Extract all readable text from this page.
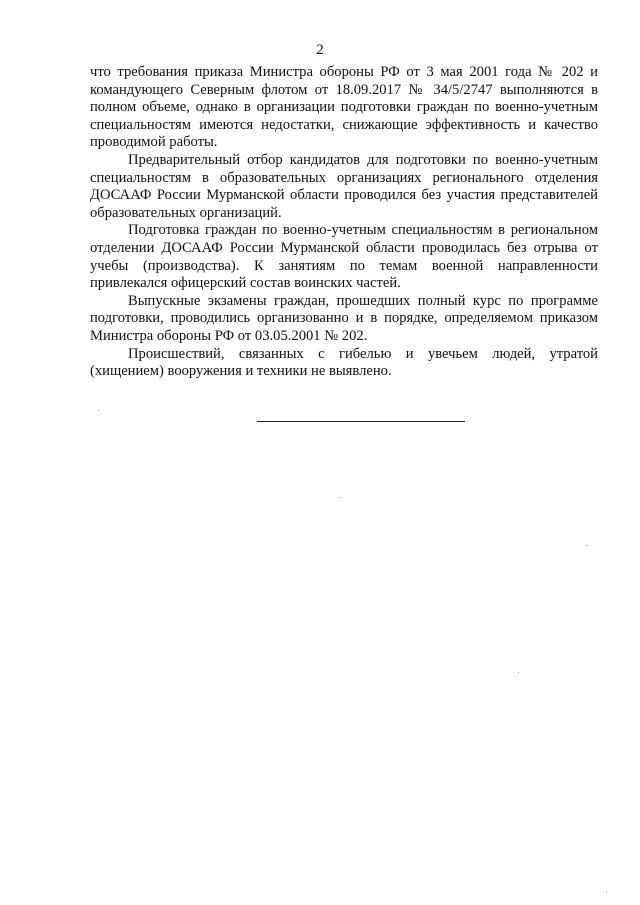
2

что требования приказа Министра обороны РФ от 3 мая 2001 года № 202 и командующего Северным флотом от 18.09.2017 № 34/5/2747 выполняются в полном объеме, однако в организации подготовки граждан по военно-учетным специальностям имеются недостатки, снижающие эффективность и качество проводимой работы.

Предварительный отбор кандидатов для подготовки по военно-учетным специальностям в образовательных организациях регионального отделения ДОСААФ России Мурманской области проводился без участия представителей образовательных организаций.

Подготовка граждан по военно-учетным специальностям в региональном отделении ДОСААФ России Мурманской области проводилась без отрыва от учебы (производства). К занятиям по темам военной направленности привлекался офицерский состав воинских частей.

Выпускные экзамены граждан, прошедших полный курс по программе подготовки, проводились организованно и в порядке, определяемом приказом Министра обороны РФ от 03.05.2001 № 202.

Происшествий, связанных с гибелью и увечьем людей, утратой (хищением) вооружения и техники не выявлено.
